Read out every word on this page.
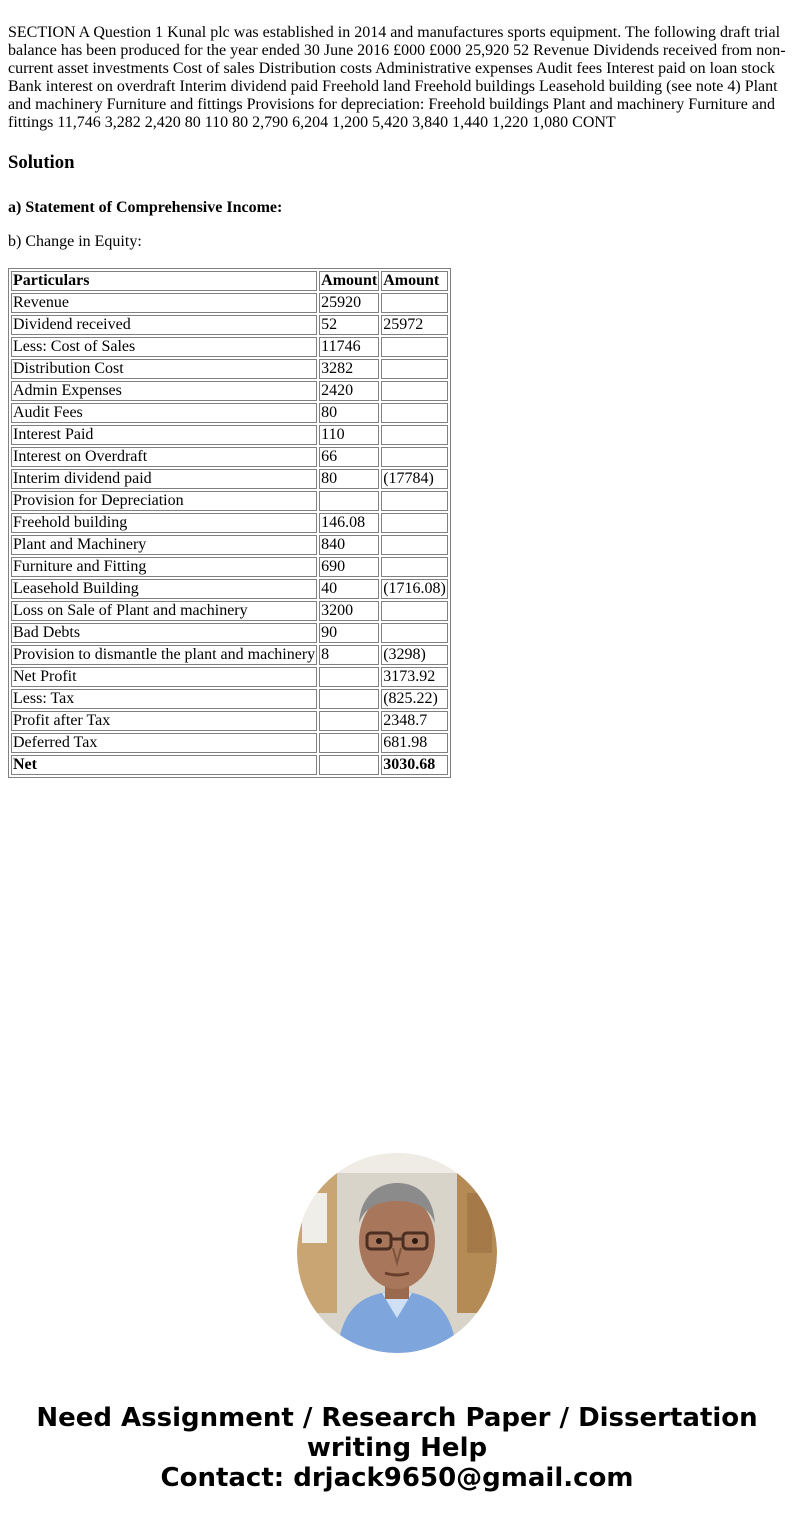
SECTION A Question 1 Kunal plc was established in 2014 and manufactures sports equipment. The following draft trial balance has been produced for the year ended 30 June 2016 £000 £000 25,920 52 Revenue Dividends received from non-current asset investments Cost of sales Distribution costs Administrative expenses Audit fees Interest paid on loan stock Bank interest on overdraft Interim dividend paid Freehold land Freehold buildings Leasehold building (see note 4) Plant and machinery Furniture and fittings Provisions for depreciation: Freehold buildings Plant and machinery Furniture and fittings 11,746 3,282 2,420 80 110 80 2,790 6,204 1,200 5,420 3,840 1,440 1,220 1,080 CONT

Solution

a) Statement of Comprehensive Income:

b) Change in Equity:

Particulars	Amount	Amount
Revenue	25920	
Dividend received	52	25972
Less: Cost of Sales	11746	
Distribution Cost	3282	
Admin Expenses	2420	
Audit Fees	80	
Interest Paid	110	
Interest on Overdraft	66	
Interim dividend paid	80	(17784)
Provision for Depreciation		
Freehold building	146.08	
Plant and Machinery	840	
Furniture and Fitting	690	
Leasehold Building	40	(1716.08)
Loss on Sale of Plant and machinery	3200	
Bad Debts	90	
Provision to dismantle the plant and machinery	8	(3298)
Net Profit		3173.92
Less: Tax		(825.22)
Profit after Tax		2348.7
Deferred Tax		681.98
Net		3030.68
Need Assignment / Research Paper / Dissertation
writing Help
Contact: drjack9650@gmail.com
